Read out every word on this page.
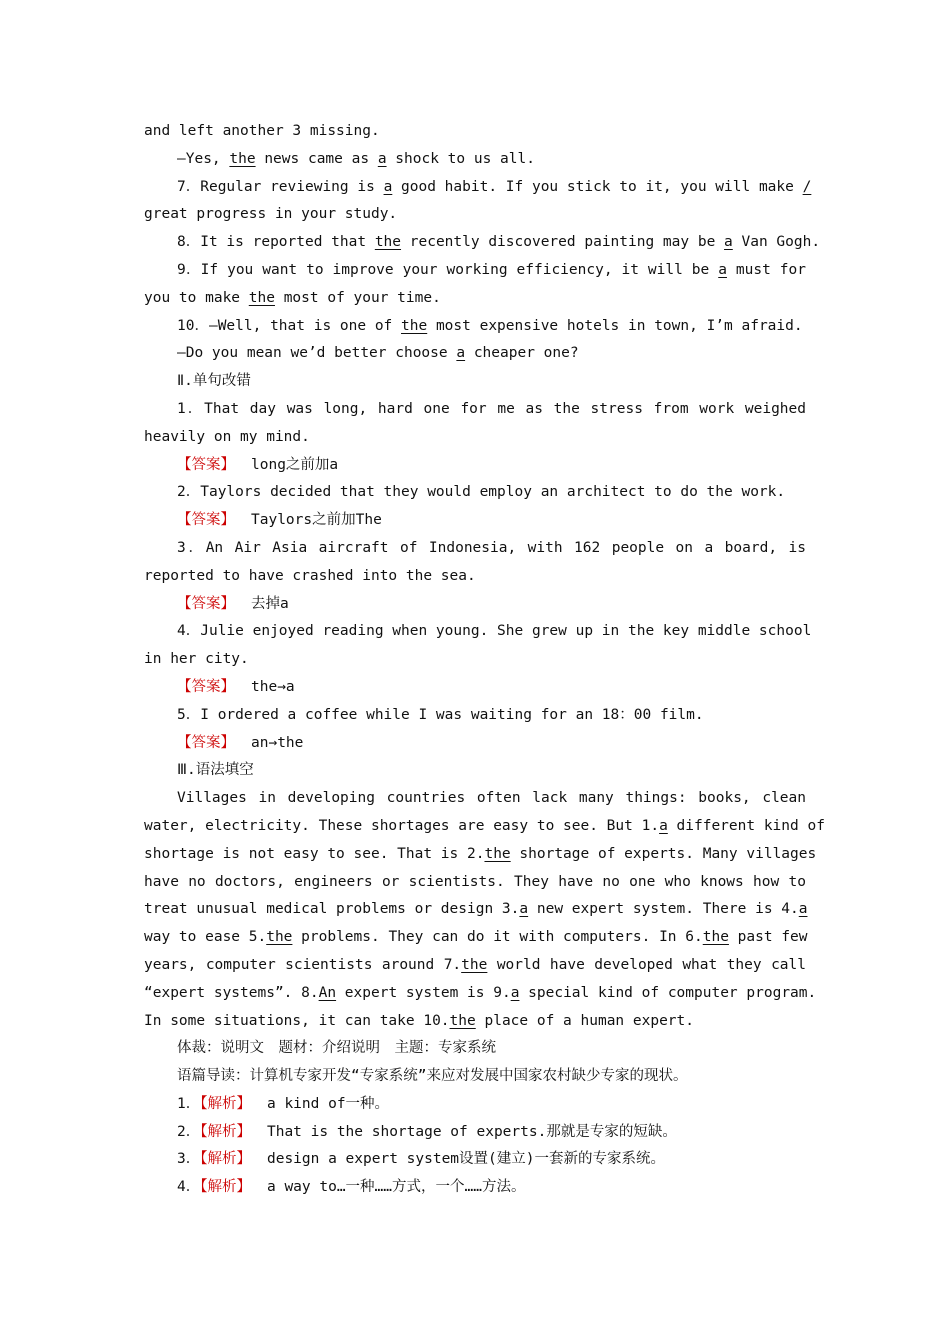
and left another 3 missing.
—Yes, the news came as a shock to us all.
7．Regular reviewing is a good habit. If you stick to it, you will make /
great progress in your study.
8．It is reported that the recently discovered painting may be a Van Gogh.
9．If you want to improve your working efficiency, it will be a must for
you to make the most of your time.
10．—Well, that is one of the most expensive hotels in town, I’m afraid.
—Do you mean we’d better choose a cheaper one?
Ⅱ.单句改错
1．That day was long, hard one for me as the stress from work weighed
heavily on my mind.
【答案】 long之前加a
2．Taylors decided that they would employ an architect to do the work.
【答案】 Taylors之前加The
3．An Air Asia aircraft of Indonesia, with 162 people on a board, is
reported to have crashed into the sea.
【答案】 去掉a
4．Julie enjoyed reading when young. She grew up in the key middle school
in her city.
【答案】 the→a
5．I ordered a coffee while I was waiting for an 18：00 film.
【答案】 an→the
Ⅲ.语法填空
Villages in developing countries often lack many things: books, clean
water, electricity. These shortages are easy to see. But 1.a different kind of
shortage is not easy to see. That is 2.the shortage of experts. Many villages
have no doctors, engineers or scientists. They have no one who knows how to
treat unusual medical problems or design 3.a new expert system. There is 4.a
way to ease 5.the problems. They can do it with computers. In 6.the past few
years, computer scientists around 7.the world have developed what they call
“expert systems”. 8.An expert system is 9.a special kind of computer program.
In some situations, it can take 10.the place of a human expert.
体裁：说明文　题材：介绍说明　主题：专家系统
语篇导读：计算机专家开发“专家系统”来应对发展中国家农村缺少专家的现状。
1．【解析】 a kind of一种。
2．【解析】 That is the shortage of experts.那就是专家的短缺。
3．【解析】 design a expert system设置(建立)一套新的专家系统。
4．【解析】 a way to…一种……方式，一个……方法。
